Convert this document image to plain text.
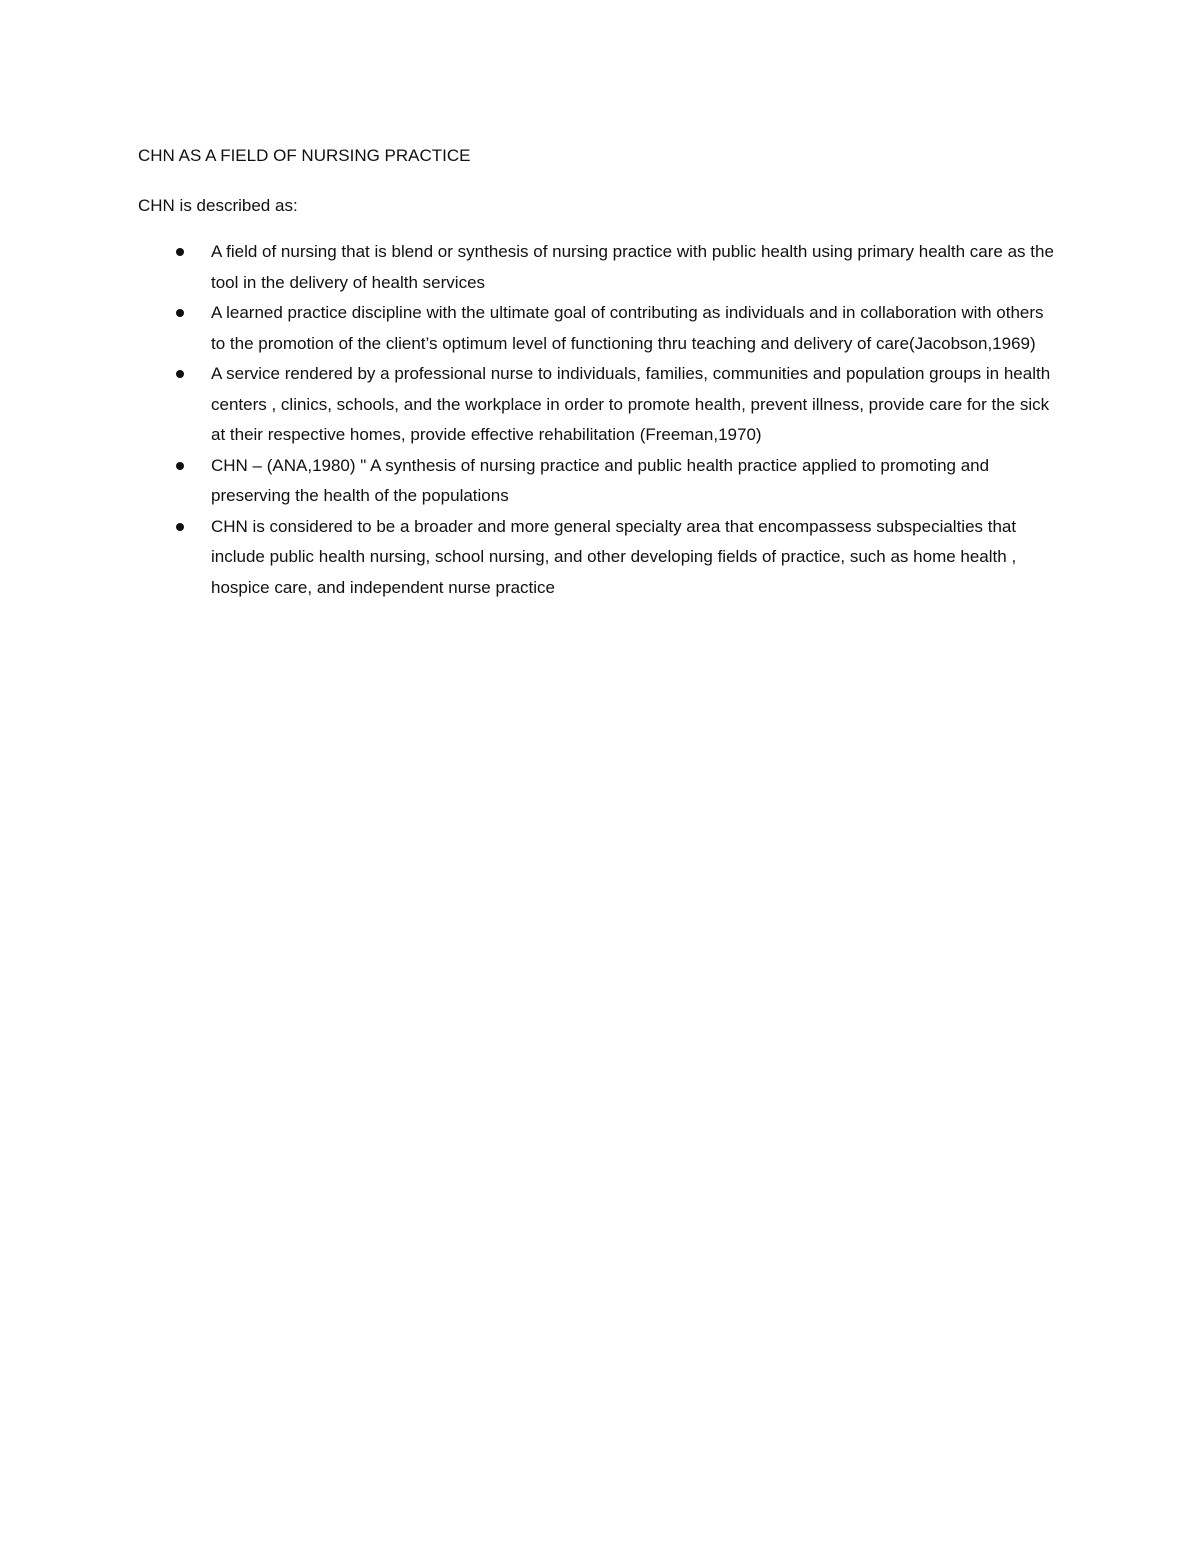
CHN AS A FIELD OF NURSING PRACTICE
CHN is described as:
A field of nursing that is blend or synthesis of nursing practice with public health using primary health care as the tool in the delivery of health services
A learned practice discipline with the ultimate goal of contributing as individuals and in collaboration with others to the promotion of the client’s optimum level of functioning thru teaching and delivery of care(Jacobson,1969)
A service rendered by a professional nurse to individuals, families, communities and population groups in health centers , clinics, schools, and the workplace in order to promote health, prevent illness, provide care for the sick at their respective homes, provide effective rehabilitation (Freeman,1970)
CHN – (ANA,1980) " A synthesis of nursing practice and public health practice applied to promoting and preserving the health of the populations
CHN is considered to be a broader and more general specialty area that encompassess subspecialties that include public health nursing, school nursing, and other developing fields of practice, such as home health , hospice care, and independent nurse practice
